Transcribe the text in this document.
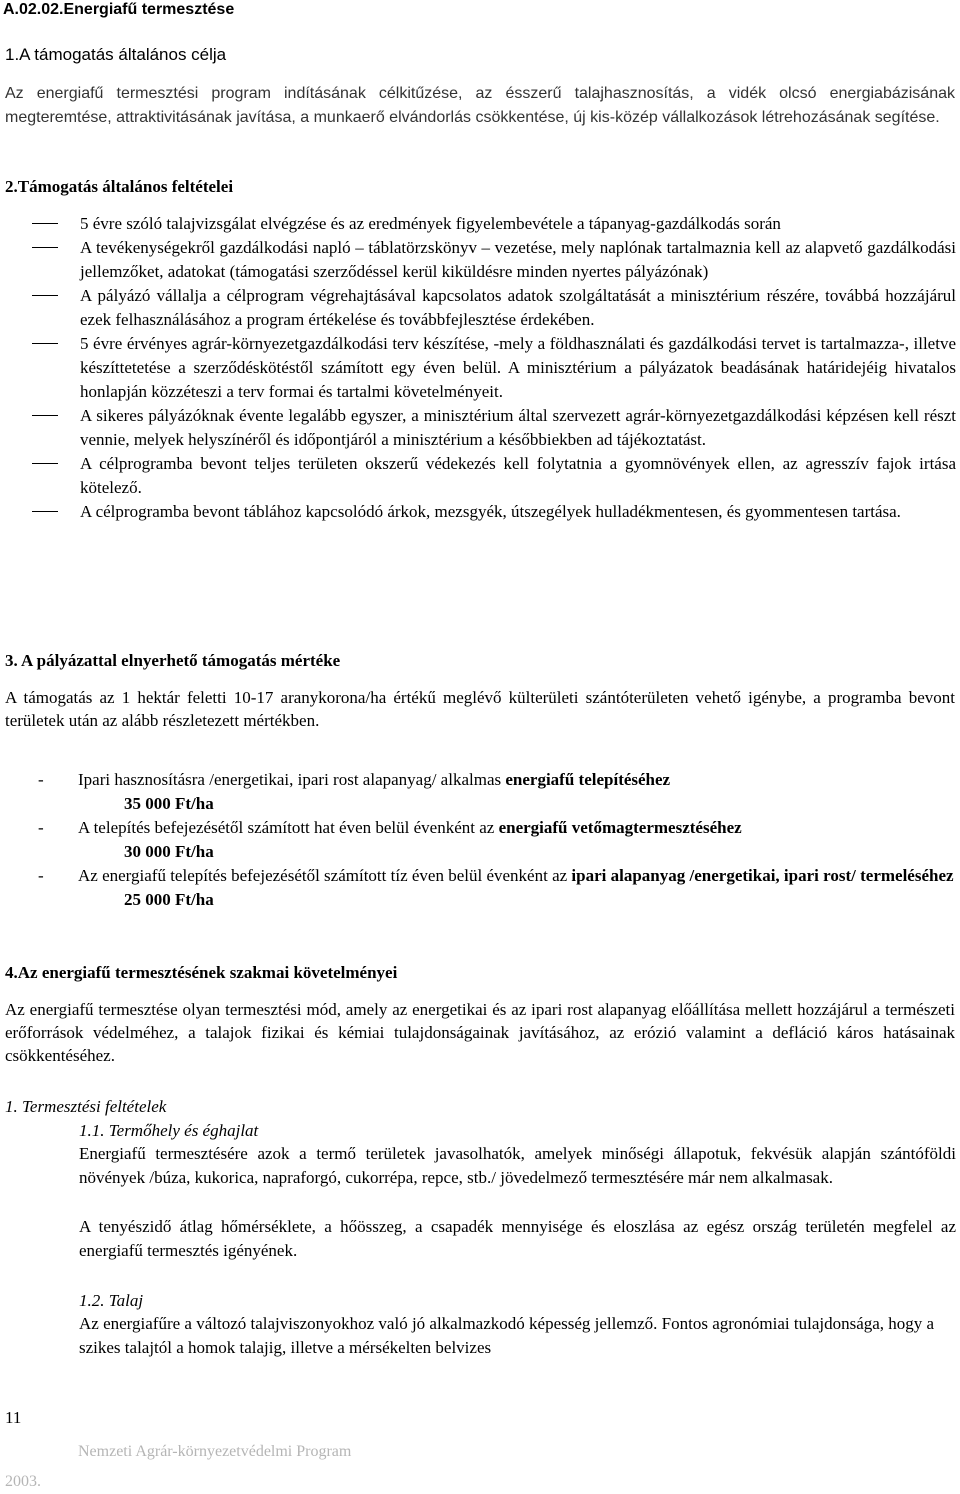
A.02.02.Energiafű termesztése
1.A támogatás általános célja
Az energiafű termesztési program indításának célkitűzése, az ésszerű talajhasznosítás, a vidék olcsó energiabázisának megteremtése, attraktivitásának javítása, a munkaerő elvándorlás csökkentése, új kis-közép vállalkozások létrehozásának segítése.
2.Támogatás általános feltételei
5 évre szóló talajvizsgálat elvégzése és az eredmények figyelembevétele a tápanyag-gazdálkodás során
A tevékenységekről gazdálkodási napló – táblatörzskönyv – vezetése, mely naplónak tartalmaznia kell az alapvető gazdálkodási jellemzőket, adatokat (támogatási szerződéssel kerül kiküldésre minden nyertes pályázónak)
A pályázó vállalja a célprogram végrehajtásával kapcsolatos adatok szolgáltatását a minisztérium részére, továbbá hozzájárul ezek felhasználásához a program értékelése és továbbfejlesztése érdekében.
5 évre érvényes agrár-környezetgazdálkodási terv készítése, -mely a földhasználati és gazdálkodási tervet is tartalmazza-, illetve készíttetetése a szerződéskötéstől számított egy éven belül. A minisztérium a pályázatok beadásának határidejéig hivatalos honlapján közzéteszi a terv formai és tartalmi követelményeit.
A sikeres pályázóknak évente legalább egyszer, a minisztérium által szervezett agrár-környezetgazdálkodási képzésen kell részt vennie, melyek helyszínéről és időpontjáról a minisztérium a későbbiekben ad tájékoztatást.
A célprogramba bevont teljes területen okszerű védekezés kell folytatnia a gyomnövények ellen, az agresszív fajok irtása kötelező.
A célprogramba bevont táblához kapcsolódó árkok, mezsgyék, útszegélyek hulladékmentesen, és gyommentesen tartása.
3. A pályázattal elnyerhető támogatás mértéke
A támogatás az 1 hektár feletti 10-17 aranykorona/ha értékű meglévő külterületi szántóterületen vehető igénybe, a programba bevont területek után az alább részletezett mértékben.
- Ipari hasznosításra /energetikai, ipari rost alapanyag/ alkalmas energiafű telepítéséhez
35 000 Ft/ha
- A telepítés befejezésétől számított hat éven belül évenként az energiafű vetőmagtermesztéséhez
30 000 Ft/ha
- Az energiafű telepítés befejezésétől számított tíz éven belül évenként az ipari alapanyag /energetikai, ipari rost/ termeléséhez
25 000 Ft/ha
4.Az energiafű termesztésének szakmai követelményei
Az energiafű termesztése olyan termesztési mód, amely az energetikai és az ipari rost alapanyag előállítása mellett hozzájárul a természeti erőforrások védelméhez, a talajok fizikai és kémiai tulajdonságainak javításához, az erózió valamint a defláció káros hatásainak csökkentéséhez.
1. Termesztési feltételek
1.1. Termőhely és éghajlat
Energiafű termesztésére azok a termő területek javasolhatók, amelyek minőségi állapotuk, fekvésük alapján szántóföldi növények /búza, kukorica, napraforgó, cukorrépa, repce, stb./ jövedelmező termesztésére már nem alkalmasak.
A tenyészidő átlag hőmérséklete, a hőösszeg, a csapadék mennyisége és eloszlása az egész ország területén megfelel az energiafű termesztés igényének.
1.2. Talaj
Az energiafűre a változó talajviszonyokhoz való jó alkalmazkodó képesség jellemző. Fontos agronómiai tulajdonsága, hogy a szikes talajtól a homok talajig, illetve a mérsékelten belvizes
11
Nemzeti Agrár-környezetvédelmi Program
2003.
